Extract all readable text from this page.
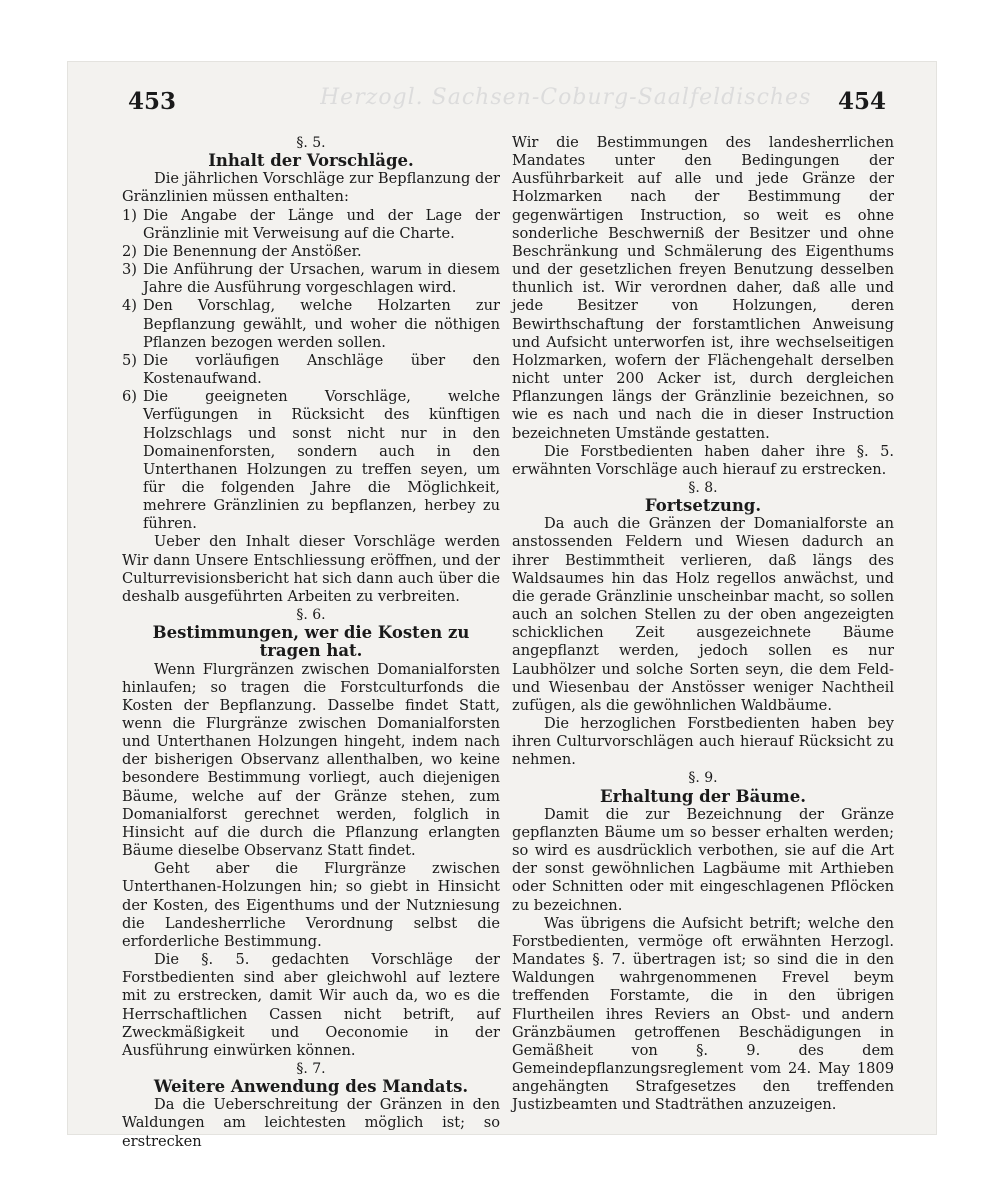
Herzogl. Sachsen-Coburg-Saalfeldisches
453	454

§. 5.

Inhalt der Vorschläge.

Die jährlichen Vorschläge zur Bepflanzung der Gränzlinien müssen enthalten:

1) Die Angabe der Länge und der Lage der Gränzlinie mit Verweisung auf die Charte.
2) Die Benennung der Anstößer.
3) Die Anführung der Ursachen, warum in diesem Jahre die Ausführung vorgeschlagen wird.
4) Den Vorschlag, welche Holzarten zur Bepflanzung gewählt, und woher die nöthigen Pflanzen bezogen werden sollen.
5) Die vorläufigen Anschläge über den Kostenaufwand.
6) Die geeigneten Vorschläge, welche Verfügungen in Rücksicht des künftigen Holzschlags und sonst nicht nur in den Domainenforsten, sondern auch in den Unterthanen Holzungen zu treffen seyen, um für die folgenden Jahre die Möglichkeit, mehrere Gränzlinien zu bepflanzen, herbey zu führen.

Ueber den Inhalt dieser Vorschläge werden Wir dann Unsere Entschliessung eröffnen, und der Culturrevisionsbericht hat sich dann auch über die deshalb ausgeführten Arbeiten zu verbreiten.

§. 6.

Bestimmungen, wer die Kosten zu tragen hat.

Wenn Flurgränzen zwischen Domanialforsten hinlaufen; so tragen die Forstculturfonds die Kosten der Bepflanzung. Dasselbe findet Statt, wenn die Flurgränze zwischen Domanialforsten und Unterthanen Holzungen hingeht, indem nach der bisherigen Observanz allenthalben, wo keine besondere Bestimmung vorliegt, auch diejenigen Bäume, welche auf der Gränze stehen, zum Domanialforst gerechnet werden, folglich in Hinsicht auf die durch die Pflanzung erlangten Bäume dieselbe Observanz Statt findet.

Geht aber die Flurgränze zwischen Unterthanen-Holzungen hin; so giebt in Hinsicht der Kosten, des Eigenthums und der Nutzniesung die Landesherrliche Verordnung selbst die erforderliche Bestimmung.

Die §. 5. gedachten Vorschläge der Forstbedienten sind aber gleichwohl auf leztere mit zu erstrecken, damit Wir auch da, wo es die Herrschaftlichen Cassen nicht betrift, auf Zweckmäßigkeit und Oeconomie in der Ausführung einwürken können.

§. 7.

Weitere Anwendung des Mandats.

Da die Ueberschreitung der Gränzen in den Waldungen am leichtesten möglich ist; so erstrecken

Wir die Bestimmungen des landesherrlichen Mandates unter den Bedingungen der Ausführbarkeit auf alle und jede Gränze der Holzmarken nach der Bestimmung der gegenwärtigen Instruction, so weit es ohne sonderliche Beschwerniß der Besitzer und ohne Beschränkung und Schmälerung des Eigenthums und der gesetzlichen freyen Benutzung desselben thunlich ist. Wir verordnen daher, daß alle und jede Besitzer von Holzungen, deren Bewirthschaftung der forstamtlichen Anweisung und Aufsicht unterworfen ist, ihre wechselseitigen Holzmarken, wofern der Flächengehalt derselben nicht unter 200 Acker ist, durch dergleichen Pflanzungen längs der Gränzlinie bezeichnen, so wie es nach und nach die in dieser Instruction bezeichneten Umstände gestatten.

Die Forstbedienten haben daher ihre §. 5. erwähnten Vorschläge auch hierauf zu erstrecken.

§. 8.

Fortsetzung.

Da auch die Gränzen der Domanialforste an anstossenden Feldern und Wiesen dadurch an ihrer Bestimmtheit verlieren, daß längs des Waldsaumes hin das Holz regellos anwächst, und die gerade Gränzlinie unscheinbar macht, so sollen auch an solchen Stellen zu der oben angezeigten schicklichen Zeit ausgezeichnete Bäume angepflanzt werden, jedoch sollen es nur Laubhölzer und solche Sorten seyn, die dem Feld- und Wiesenbau der Anstösser weniger Nachtheil zufügen, als die gewöhnlichen Waldbäume.

Die herzoglichen Forstbedienten haben bey ihren Culturvorschlägen auch hierauf Rücksicht zu nehmen.

§. 9.

Erhaltung der Bäume.

Damit die zur Bezeichnung der Gränze gepflanzten Bäume um so besser erhalten werden; so wird es ausdrücklich verbothen, sie auf die Art der sonst gewöhnlichen Lagbäume mit Arthieben oder Schnitten oder mit eingeschlagenen Pflöcken zu bezeichnen.

Was übrigens die Aufsicht betrift; welche den Forstbedienten, vermöge oft erwähnten Herzogl. Mandates §. 7. übertragen ist; so sind die in den Waldungen wahrgenommenen Frevel beym treffenden Forstamte, die in den übrigen Flurtheilen ihres Reviers an Obst- und andern Gränzbäumen getroffenen Beschädigungen in Gemäßheit von §. 9. des dem Gemeindepflanzungsreglement vom 24. May 1809 angehängten Strafgesetzes den treffenden Justizbeamten und Stadträthen anzuzeigen.
